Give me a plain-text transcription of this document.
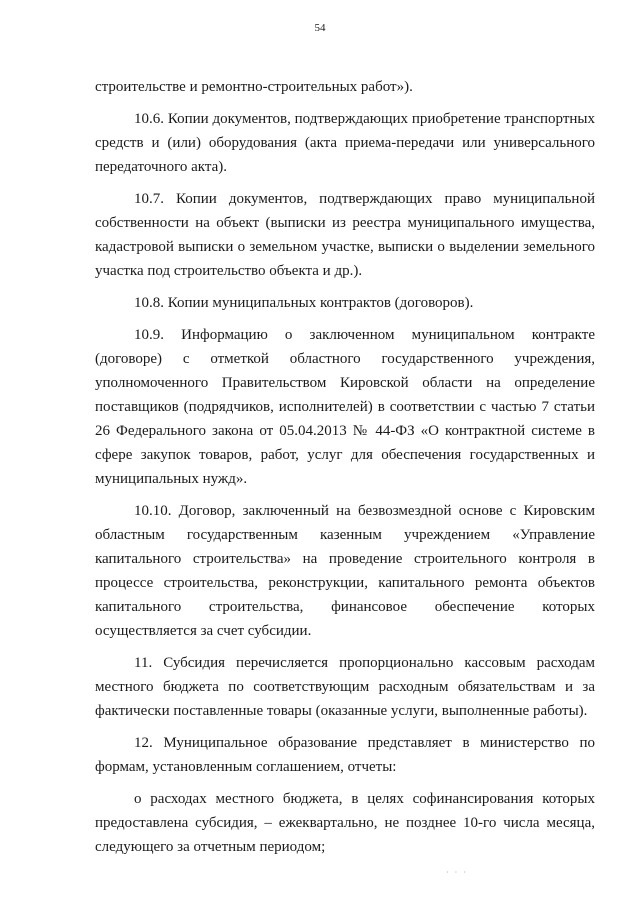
54

строительстве и ремонтно-строительных работ»).

10.6. Копии документов, подтверждающих приобретение транспортных средств и (или) оборудования (акта приема-передачи или универсального передаточного акта).

10.7. Копии документов, подтверждающих право муниципальной собственности на объект (выписки из реестра муниципального имущества, кадастровой выписки о земельном участке, выписки о выделении земельного участка под строительство объекта и др.).

10.8. Копии муниципальных контрактов (договоров).

10.9. Информацию о заключенном муниципальном контракте (договоре) с отметкой областного государственного учреждения, уполномоченного Правительством Кировской области на определение поставщиков (подрядчиков, исполнителей) в соответствии с частью 7 статьи 26 Федерального закона от 05.04.2013 № 44-ФЗ «О контрактной системе в сфере закупок товаров, работ, услуг для обеспечения государственных и муниципальных нужд».

10.10. Договор, заключенный на безвозмездной основе с Кировским областным государственным казенным учреждением «Управление капитального строительства» на проведение строительного контроля в процессе строительства, реконструкции, капитального ремонта объектов капитального строительства, финансовое обеспечение которых осуществляется за счет субсидии.

11. Субсидия перечисляется пропорционально кассовым расходам местного бюджета по соответствующим расходным обязательствам и за фактически поставленные товары (оказанные услуги, выполненные работы).

12. Муниципальное образование представляет в министерство по формам, установленным соглашением, отчеты:

о расходах местного бюджета, в целях софинансирования которых предоставлена субсидия, – ежеквартально, не позднее 10-го числа месяца, следующего за отчетным периодом;

· · ·
